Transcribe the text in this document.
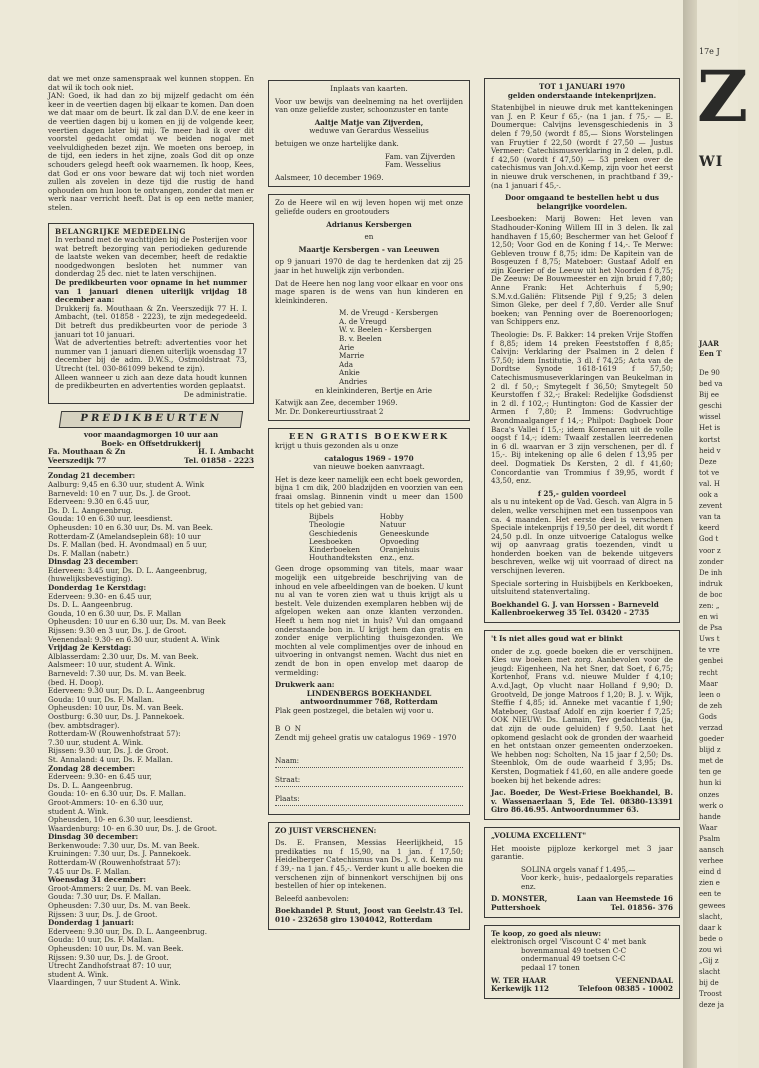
dat we met onze samenspraak wel kunnen stoppen. En dat wil ik toch ook niet.

JAN: Goed, ik had dan zo bij mijzelf gedacht om één keer in de veertien dagen bij elkaar te komen. Dan doen we dat maar om de beurt. Ik zal dan D.V. de ene keer in de veertien dagen bij u komen en jij de volgende keer, veertien dagen later bij mij. Te meer had ik over dit voorstel gedacht omdat we beiden nogal met veelvuldigheden bezet zijn. We moeten ons beroep, in de tijd, een ieders in het zijne, zoals God dit op onze schouders gelegd heeft ook waarnemen. Ik hoop, Kees, dat God er ons voor beware dat wij toch niet worden zullen als zovelen in deze tijd die rustig de hand ophouden om hun loon te ontvangen, zonder dat men er werk naar verricht heeft. Dat is op een nette manier, stelen.

BELANGRIJKE MEDEDELING

In verband met de wachttijden bij de Posterijen voor wat betreft bezorging van periodieken gedurende de laatste weken van december, heeft de redaktie noodgedwongen besloten het nummer van donderdag 25 dec. niet te laten verschijnen.

De predikbeurten voor opname in het nummer van 1 januari dienen uiterlijk vrijdag 18 december aan:

Drukkerij fa. Mouthaan & Zn. Veerszedijk 77 H. I. Ambacht, (tel. 01858 - 2223), te zijn medegedeeld. Dit betreft dus predikbeurten voor de periode 3 januari tot 10 januari.

Wat de advertenties betreft: advertenties voor het nummer van 1 januari dienen uiterlijk woensdag 17 december bij de adm. D.W.S., Ostmoldstraat 73, Utrecht (tel. 030-861099 bekend te zijn).

Alleen wanneer u zich aan deze data houdt kunnen de predikbeurten en advertenties worden geplaatst.

De administratie.

PREDIKBEURTEN

voor maandagmorgen 10 uur aan

Boek- en Offsetdrukkerij

Fa. Mouthaan & Zn	H. I. Ambacht
Veerszedijk 77	Tel. 01858 - 2223

Zondag 21 december:

Aalburg: 9,45 en 6.30 uur, student A. Wink

Barneveld: 10 en 7 uur, Ds. J. de Groot.

Ederveen: 9.30 en 6.45 uur,

Ds. D. L. Aangeenbrug.

Gouda: 10 en 6.30 uur, leesdienst.

Opheusden: 10 en 6.30 uur, Ds. M. van Beek.

Rotterdam-Z (Amelandseplein 68): 10 uur

Ds. F. Mallan (bed. H. Avondmaal) en 5 uur,

Ds. F. Mallan (nabetr.)

Dinsdag 23 december:

Ederveen: 3.45 uur, Ds. D. L. Aangeenbrug,

(huwelijksbevestiging).

Donderdag 1e Kerstdag:

Ederveen: 9.30- en 6.45 uur,

Ds. D. L. Aangeenbrug.

Gouda, 10 en 6.30 uur, Ds. F. Mallan

Opheusden: 10 uur en 6.30 uur, Ds. M. van Beek

Rijssen: 9.30 en 3 uur, Ds. J. de Groot.

Veenendaal: 9.30- en 6.30 uur, student A. Wink

Vrijdag 2e Kerstdag:

Alblasserdam: 2.30 uur, Ds. M. van Beek.

Aalsmeer: 10 uur, student A. Wink.

Barneveld: 7.30 uur, Ds. M. van Beek.

(bed. H. Doop).

Ederveen: 9.30 uur, Ds. D. L. Aangeenbrug

Gouda: 10 uur, Ds. F. Mallan.

Opheusden: 10 uur, Ds. M. van Beek.

Oostburg: 6.30 uur, Ds. J. Pannekoek.

(bev. ambtsdrager).

Rotterdam-W (Rouwenhofstraat 57):

7.30 uur, student A. Wink.

Rijssen: 9.30 uur, Ds. J. de Groot.

St. Annaland: 4 uur, Ds. F. Mallan.

Zondag 28 december:

Ederveen: 9.30- en 6.45 uur,

Ds. D. L. Aangeenbrug.

Gouda: 10- en 6.30 uur, Ds. F. Mallan.

Groot-Ammers: 10- en 6.30 uur,

student A. Wink.

Opheusden, 10- en 6.30 uur, leesdienst.

Waardenburg: 10- en 6.30 uur, Ds. J. de Groot.

Dinsdag 30 december:

Berkenwoude: 7.30 uur, Ds. M. van Beek.

Kruiningen: 7.30 uur, Ds. J. Pannekoek.

Rotterdam-W (Rouwenhofstraat 57):

7.45 uur Ds. F. Mallan.

Woensdag 31 december:

Groot-Ammers: 2 uur, Ds. M. van Beek.

Gouda: 7.30 uur, Ds. F. Mallan.

Opheusden: 7.30 uur, Ds. M. van Beek.

Rijssen: 3 uur, Ds. J. de Groot.

Donderdag 1 januari:

Ederveen: 9.30 uur, Ds. D. L. Aangeenbrug.

Gouda: 10 uur, Ds. F. Mallan.

Opheusden: 10 uur, Ds. M. van Beek.

Rijssen: 9.30 uur, Ds. J. de Groot.

Utrecht Zandhofstraat 87: 10 uur,

student A. Wink.

Vlaardingen, 7 uur Student A. Wink.

Inplaats van kaarten.

Voor uw bewijs van deelneming na het overlijden van onze geliefde zuster, schoonzuster en tante

Aaltje Matje van Zijverden,

weduwe van Gerardus Wesselius

betuigen we onze hartelijke dank.

Fam. van Zijverden

Fam. Wesselius

Aalsmeer, 10 december 1969.

Zo de Heere wil en wij leven hopen wij met onze geliefde ouders en grootouders

Adrianus Kersbergen

en

Maartje Kersbergen - van Leeuwen

op 9 januari 1970 de dag te herdenken dat zij 25 jaar in het huwelijk zijn verbonden.

Dat de Heere hen nog lang voor elkaar en voor ons mage sparen is de wens van hun kinderen en kleinkinderen.

M. de Vreugd - Kersbergen

A. de Vreugd

W. v. Beelen - Kersbergen

B. v. Beelen

Arie

Marrie

Ada

Ankie

Andries

en kleinkinderen, Bertje en Arie

Katwijk aan Zee, december 1969.

Mr. Dr. Donkereurtiusstraat 2

EEN GRATIS BOEKWERK

krijgt u thuis gezonden als u onze

catalogus 1969 - 1970

van nieuwe boeken aanvraagt.

Het is deze keer namelijk een echt boek geworden, bijna 1 cm dik, 200 bladzijden en voorzien van een fraai omslag. Binnenin vindt u meer dan 1500 titels op het gebied van:

Bijbels
Theologie
Geschiedenis
Leesboeken
Kinderboeken
Houthandteksten
Hobby
Natuur
Geneeskunde
Opvoeding
Oranjehuis
enz., enz.

Geen droge opsomming van titels, maar waar mogelijk een uitgebreide beschrijving van de inhoud en vele afbeeldingen van de boeken. U kunt nu al van te voren zien wat u thuis krijgt als u bestelt. Vele duizenden exemplaren hebben wij de afgelopen weken aan onze klanten verzonden. Heeft u hem nog niet in huis? Vul dan omgaand onderstaande bon in. U krijgt hem dan gratis en zonder enige verplichting thuisgezonden. We mochten al vele complimentjes over de inhoud en uitvoering in ontvangst nemen. Wacht dus niet en zendt de bon in open envelop met daarop de vermelding:

Drukwerk aan:

LINDENBERGS BOEKHANDEL

antwoordnummer 768, Rotterdam

Plak geen postzegel, die betalen wij voor u.

B O N

Zendt mij geheel gratis uw catalogus 1969 - 1970

Naam:
Straat:
Plaats:

ZO JUIST VERSCHENEN:

Ds. E. Fransen, Messias Heerlijkheid, 15 predikaties nu f 15,90, na 1 jan. f 17,50; Heidelberger Catechismus van Ds. J. v. d. Kemp nu f 39,- na 1 jan. f 45,-. Verder kunt u alle boeken die verschenen zijn of binnenkort verschijnen bij ons bestellen of hier op intekenen.

Beleefd aanbevolen:

Boekhandel P. Stuut, Joost van Geelstr.43 Tel. 010 - 232658 giro 1304042, Rotterdam

TOT 1 JANUARI 1970

gelden onderstaande intekenprijzen.

Statenbijbel in nieuwe druk met kanttekeningen van J. en P. Keur f 65,- (na 1 jan. f 75,- — E. Doumerque: Calvijns levensgeschiedenis in 3 delen f 79,50 (wordt f 85,— Sions Worstelingen van Fruytier f 22,50 (wordt f 27,50 — Justus Vermeer: Catechismusverklaring in 2 delen, p.dl. f 42,50 (wordt f 47,50) — 53 preken over de catechismus van Joh.v.d.Kemp, zijn voor het eerst in nieuwe druk verschenen, in prachtband f 39,- (na 1 januari f 45,-.

Door omgaand te bestellen hebt u dus belangrijke voordelen.

Leesboeken: Marij Bowen: Het leven van Stadhouder-Koning Willem III in 3 delen. Ik zal handhaven f 15,60; Beschermer van het Geloof f 12,50; Voor God en de Koning f 14,-. Te Merwe: Gebleven trouw f 8,75; idm: De Kapitein van de Bosgeuzen f 8,75; Mateboer: Gustaaf Adolf en zijn Koerier of de Leeuw uit het Noorden f 8,75; De Zeeuw: De Bouwmeester en zijn bruid f 7,80; Anne Frank: Het Achterhuis f 5,90; S.M.v.d.Galiën: Flitsende Pijl f 9,25; 3 delen Simon Gleke, per deel f 7,80. Verder alle Snuf boeken; van Penning over de Boerenoorlogen; van Schippers enz.

Theologie: Ds. F. Bakker: 14 preken Vrije Stoffen f 8,85; idem 14 preken Feeststoffen f 8,85; Calvijn: Verklaring der Psalmen in 2 delen f 57,50; idem Institutie, 3 dl. f 74,25; Acta van de Dordtse Synode 1618-1619 f 57,50; Catechismusmuseverklaringen van Beukelman in 2 dl. f 50,-; Smytegelt f 36,50; Smytegelt 50 Keurstoffen f 32,-; Brakel: Redelijke Godsdienst in 2 dl. f 102,-; Huntington: God de Kassier der Armen f 7,80; P. Immens: Godvruchtige Avondmaalganger f 14,-; Philpot: Dagboek Door Baca's Vallei f 15,-; idem Korenaren uit de volle oogst f 14,-; idem: Twaalf zestallen leerredenen in 6 dl. waarvan er 3 zijn verschenen, per dl. f 15,-. Bij intekening op alle 6 delen f 13,95 per deel. Dogmatiek Ds Kersten, 2 dl. f 41,60; Concordantie van Trommius f 39,95, wordt f 43,50, enz.

f 25,- gulden voordeel

als u nu intekent op de Vad. Gesch. van Algra in 5 delen, welke verschijnen met een tussenpoos van ca. 4 maanden. Het eerste deel is verschenen Speciale intekenprijs f 19,50 per deel, dit wordt f 24,50 p.dl. In onze uitvoerige Catalogus welke wij op aanvraag gratis toezenden, vindt u honderden boeken van de bekende uitgevers beschreven, welke wij uit voorraad of direct na verschijnen leveren.

Speciale sortering in Huisbijbels en Kerkboeken, uitsluitend statenvertaling.

Boekhandel G. J. van Horssen - Barneveld

Kallenbroekerweg 35 Tel. 03420 - 2735

't Is niet alles goud wat er blinkt

onder de z.g. goede boeken die er verschijnen. Kies uw boeken met zorg. Aanbevolen voor de jeugd: Eigenheen, Na het Sner, dat Soet, f 6,75; Kortenhof, Frans v.d. nieuwe Mulder f 4,10; A.v.d.Jagt, Op vlucht naar Holland f 9,90; D. Grootveld, De jonge Matroos f 1,20; B. J. v. Wijk, Steffie f 4,85; id. Anneke met vacantie f 1,90; Mateboer, Gustaaf Adolf en zijn koerier f 7,25; OOK NIEUW: Ds. Lamain, Tev gedachtenis (ja, dat zijn de oude geluiden) f 9,50. Laat het opkomend geslacht ook de gronden der waarheid en het ontstaan onzer gemeenten onderzoeken. We hebben nog: Scholten, Na 15 jaar f 2,50; Ds. Steenblok, Om de oude waarheid f 3,95; Ds. Kersten, Dogmatiek f 41,60, en alle andere goede boeken bij het bekende adres:

Jac. Boeder, De West-Friese Boekhandel, B. v. Wassenaerlaan 5, Ede Tel. 08380-13391 Giro 86.46.95. Antwoordnummer 63.

„VOLUMA EXCELLENT"

Het mooiste pijploze kerkorgel met 3 jaar garantie.

SOLINA orgels vanaf f 1.495,—

Voor kerk-, huis-, pedaalorgels reparaties enz.

D. MONSTER,	Laan van Heemstede 16
Puttershoek	Tel. 01856- 376

Te koop, zo goed als nieuw:

elektronisch orgel 'Viscount C 4' met bank

bovenmanual 49 toetsen C-C

ondermanual 49 toetsen C-C

pedaal 17 tonen

W. TER HAAR	VEENENDAAL
Kerkewijk 112	Telefoon 08385 - 10002
17e J
Z
WI
JAAR
Een T
De 90
bed va
Bij ee
geschi
wissel
Het is
kortst
heid v
Deze
tot ve
val. H
ook a
zevent
van ta
keerd
God t
voor z
zonder
De inh
indruk
de boc
zen: „
en wi
de Psa
Uws t
te vre
genbei
recht
Maar
leen o
de zeh
Gods
verzad
goeder
blijd z
met de
ten ge
hun ki
onzes
werk o
hande
Waar
Psalm
aansch
verhee
eind d
zien e
een te
gewees
slacht,
daar k
bede o
zou wi
„Gij z
slacht
bij de
Troost
deze ja
